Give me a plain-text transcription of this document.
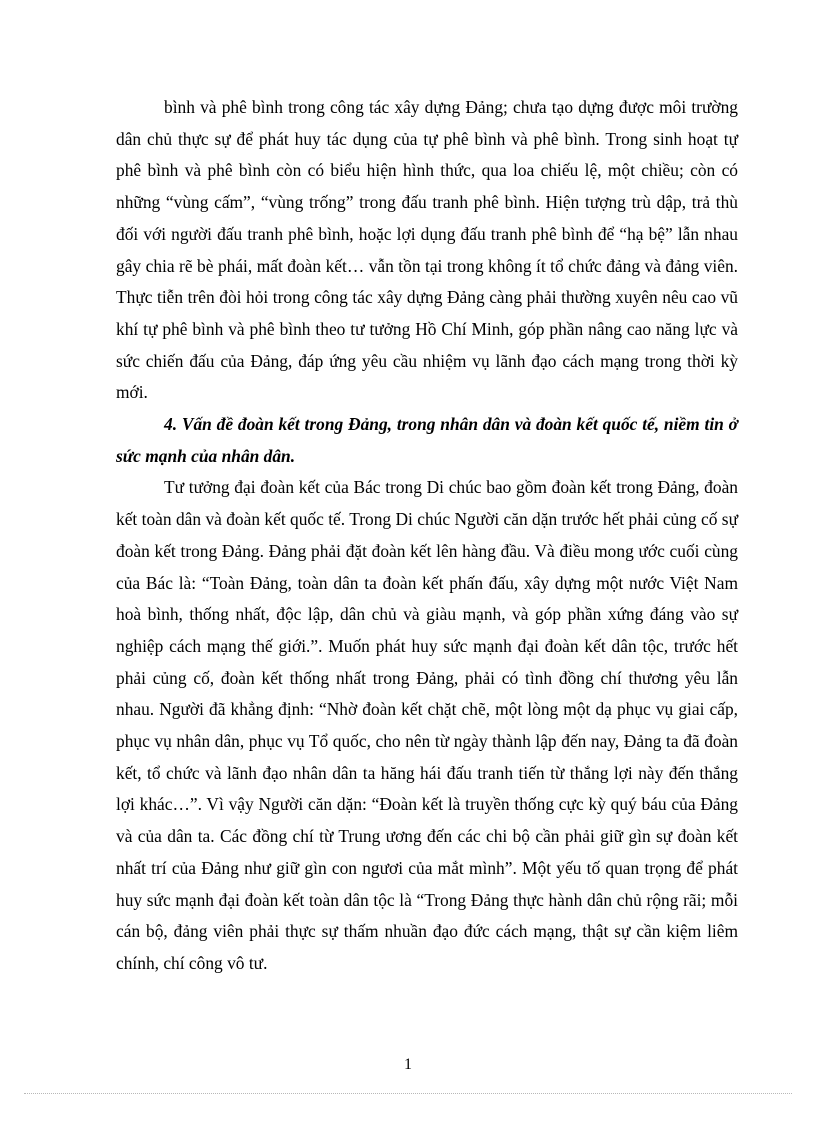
bình và phê bình trong công tác xây dựng Đảng; chưa tạo dựng được môi trường dân chủ thực sự để phát huy tác dụng của tự phê bình và phê bình. Trong sinh hoạt tự phê bình và phê bình còn có biểu hiện hình thức, qua loa chiếu lệ, một chiều; còn có những “vùng cấm”, “vùng trống” trong đấu tranh phê bình. Hiện tượng trù dập, trả thù đối với người đấu tranh phê bình, hoặc lợi dụng đấu tranh phê bình để “hạ bệ” lẫn nhau gây chia rẽ bè phái, mất đoàn kết… vẫn tồn tại trong không ít tổ chức đảng và đảng viên. Thực tiễn trên đòi hỏi trong công tác xây dựng Đảng càng phải thường xuyên nêu cao vũ khí tự phê bình và phê bình theo tư tưởng Hồ Chí Minh, góp phần nâng cao năng lực và sức chiến đấu của Đảng, đáp ứng yêu cầu nhiệm vụ lãnh đạo cách mạng trong thời kỳ mới.

4. Vấn đề đoàn kết trong Đảng, trong nhân dân và đoàn kết quốc tế, niềm tin ở sức mạnh của nhân dân.

Tư tưởng đại đoàn kết của Bác trong Di chúc bao gồm đoàn kết trong Đảng, đoàn kết toàn dân và đoàn kết quốc tế. Trong Di chúc Người căn dặn trước hết phải củng cố sự đoàn kết trong Đảng. Đảng phải đặt đoàn kết lên hàng đầu. Và điều mong ước cuối cùng của Bác là: “Toàn Đảng, toàn dân ta đoàn kết phấn đấu, xây dựng một nước Việt Nam hoà bình, thống nhất, độc lập, dân chủ và giàu mạnh, và góp phần xứng đáng vào sự nghiệp cách mạng thế giới.”. Muốn phát huy sức mạnh đại đoàn kết dân tộc, trước hết phải củng cố, đoàn kết thống nhất trong Đảng, phải có tình đồng chí thương yêu lẫn nhau. Người đã khẳng định: “Nhờ đoàn kết chặt chẽ, một lòng một dạ phục vụ giai cấp, phục vụ nhân dân, phục vụ Tổ quốc, cho nên từ ngày thành lập đến nay, Đảng ta đã đoàn kết, tổ chức và lãnh đạo nhân dân ta hăng hái đấu tranh tiến từ thắng lợi này đến thắng lợi khác…”. Vì vậy Người căn dặn: “Đoàn kết là truyền thống cực kỳ quý báu của Đảng và của dân ta. Các đồng chí từ Trung ương đến các chi bộ cần phải giữ gìn sự đoàn kết nhất trí của Đảng như giữ gìn con ngươi của mắt mình”. Một yếu tố quan trọng để phát huy sức mạnh đại đoàn kết toàn dân tộc là “Trong Đảng thực hành dân chủ rộng rãi; mỗi cán bộ, đảng viên phải thực sự thấm nhuần đạo đức cách mạng, thật sự cần kiệm liêm chính, chí công vô tư.

1
